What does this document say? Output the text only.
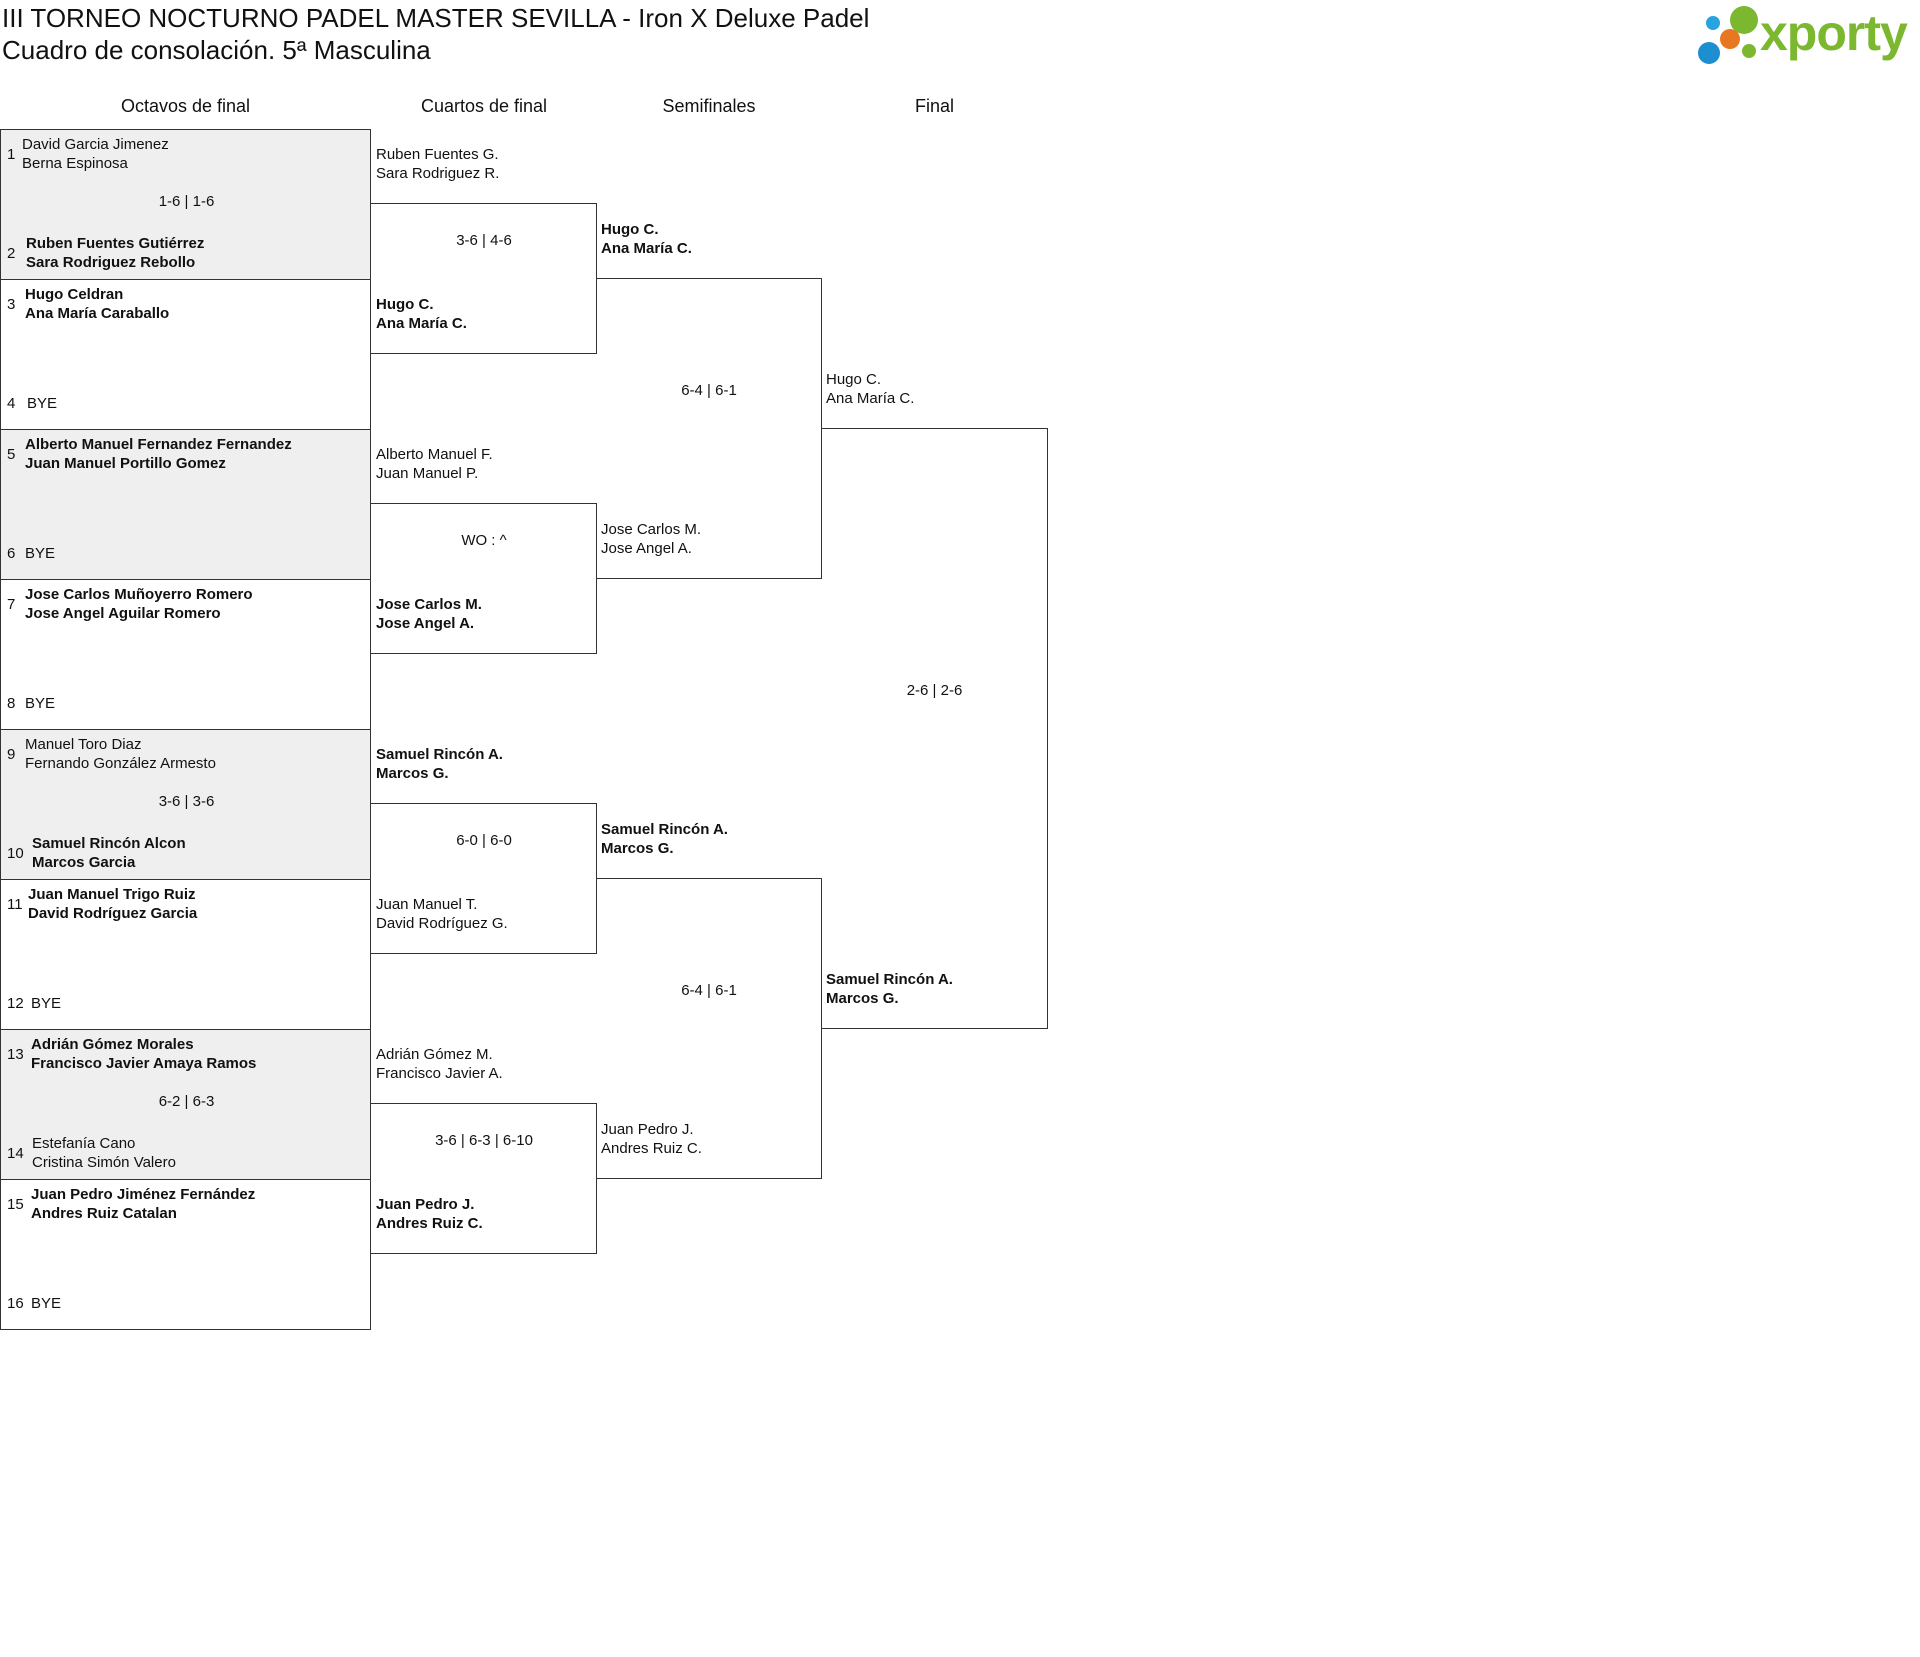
III TORNEO NOCTURNO PADEL MASTER SEVILLA - Iron X Deluxe Padel
Cuadro de consolación. 5ª Masculina	xporty
Octavos de final	Cuartos de final	Semifinales	Final
1
David Garcia Jimenez
Berna Espinosa
1-6 | 1-6
2
Ruben Fuentes Gutiérrez
Sara Rodriguez Rebollo
3
Hugo Celdran
Ana María Caraballo
4 BYE
5
Alberto Manuel Fernandez Fernandez
Juan Manuel Portillo Gomez
6 BYE
7
Jose Carlos Muñoyerro Romero
Jose Angel Aguilar Romero
8 BYE
9
Manuel Toro Diaz
Fernando González Armesto
3-6 | 3-6
10
Samuel Rincón Alcon
Marcos Garcia
11
Juan Manuel Trigo Ruiz
David Rodríguez Garcia
12 BYE
13
Adrián Gómez Morales
Francisco Javier Amaya Ramos
6-2 | 6-3
14
Estefanía Cano
Cristina Simón Valero
15
Juan Pedro Jiménez Fernández
Andres Ruiz Catalan
16 BYE
Ruben Fuentes G.
Sara Rodriguez R.
3-6 | 4-6
Hugo C.
Ana María C.
Alberto Manuel F.
Juan Manuel P.
WO : ^
Jose Carlos M.
Jose Angel A.
Samuel Rincón A.
Marcos G.
6-0 | 6-0
Juan Manuel T.
David Rodríguez G.
Adrián Gómez M.
Francisco Javier A.
3-6 | 6-3 | 6-10
Juan Pedro J.
Andres Ruiz C.
Hugo C.
Ana María C.
6-4 | 6-1
Jose Carlos M.
Jose Angel A.
Samuel Rincón A.
Marcos G.
6-4 | 6-1
Juan Pedro J.
Andres Ruiz C.
Hugo C.
Ana María C.
2-6 | 2-6
Samuel Rincón A.
Marcos G.
